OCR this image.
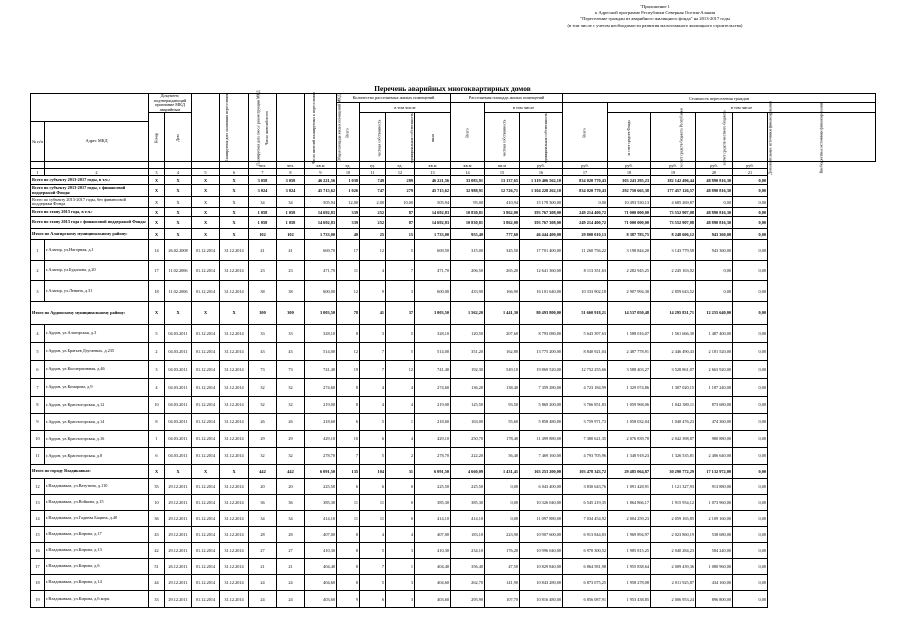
"Приложение 1
к Адресной программе Республики Северная Осетия-Алания
"Переселение граждан из аварийного жилищного фонда" на 2013-2017 годы
(в том числе с учетом необходимости развития малоэтажного жилищного строительства)
Перечень аварийных многоквартирных домов
		Документ, подтверждающий признание МКД аварийным		Планируемая дата окончания переселения	Планируемая дата сноса/ реконструкции МКД	Число жителей всего	Число жителей планируемых к переселению	Общая площадь жилых помещений МКД	Количество расселяемых жилых помещений				Расселяемая площадь жилых помещений			Стоимость переселения граждан					
									Всего	в том числе			Всего	в том числе		Всего	в том числе				
		Номер	Дата							частная собственность	муниципальная собственность	иная		частная собственность	муниципальная собственность		за счет средств Фонда	за счет средств бюджета Республики	за счет средств местного бюджета	Дополнительные источники финансирования	Внебюджетные источники финансирования
№ п/п	Адрес МКД																				
						чел.	чел.	кв.м	ед.	ед.	ед.	кв.м	кв.м	кв.м	руб.	руб.	руб.	руб.	руб.	руб.	
1	2	3	4	5	6	7	8	9	10	11	12	13	14	15	16	17	18	19	20	21	
Всего по субъекту 2013-2017 годы, в т.ч.:		X	X	X	X	3 058	3 058	46 221,56	1 038	749	289	46 221,56	33 083,91	13 137,65	1 319 406 562,10	834 020 770,43	303 243 295,23	182 142 496,44	48 890 816,30	0,00	
Всего по субъекту 2013-2017 годы, с финансовой поддержкой Фонда:		X	X	X	X	3 024	3 024	45 715,62	1 026	747	279	45 715,62	32 988,91	12 726,71	1 304 228 262,10	834 020 770,43	292 750 665,38	177 457 126,57	48 890 816,30	0,00	
Всего по субъекту 2013-2017 годы, без финансовой поддержки Фонда		X	X	X	X	34	34	505,94	12,00	2,00	10,00	505,94	95,00	410,94	15 178 300,00	0,00	10 493 530,13	4 685 269,87	0,00	0,00	
Всего по этапу 2013 года, в т.ч.:		X	X	X	X	1 058	1 058	14 692,83	339	252	87	14 692,83	10 830,81	3 862,00	393 767 308,00	249 214 400,72	71 000 000,00	73 552 907,08	48 890 816,30	0,00	
Всего по этапу 2013 года с финансовой поддержкой Фонда:		X	X	X	X	1 058	1 058	14 692,83	339	252	87	14 692,83	10 830,81	3 862,00	393 767 308,00	249 214 400,72	71 000 000,00	73 552 907,08	48 890 816,30	0,00	
Итого по Алагирскому муниципальному району:		X	X	X	X	102	102	1 733,00	40	25	15	1 733,00	955,40	777,60	46 444 400,00	29 800 010,13	8 387 783,75	8 248 606,12	943 360,00	0,00	
1	г.Алагир, ул.Нагорная, д.1	14	26.02.2008	01.12.2014	31.12.2014	41	41	669,70	17	12	5	669,50	315,00	345,50	17 701 400,00	11 260 756,22	3 198 844,20	3 143 779,58	943 360,00	0,00	
2	г.Алагир, ул.Будилова, д.20	17	11.02.2006	01.12.2014	31.12.2014	23	23	471,70	11	4	7	471,70	206,50	265,20	12 641 360,00	8 113 351,63	2 282 945,25	2 245 163,02	0,00	0,00	
3	г.Алагир, ул.Ленина, д.31	18	11.02.2006	01.12.2014	31.12.2014	38	38	600,00	12	9	3	600,00	433,90	166,90	16 101 640,00	10 333 902,18	2 907 994,30	2 859 643,52	0,00	0,00	
Итого по Ардонскому муниципальному району:		X	X	X	X	300	300	3 003,50	78	41	37	3 003,50	1 562,20	1 441,30	80 493 800,00	51 660 918,21	14 537 050,48	14 295 831,71	12 255 640,00	0,00	
4	г.Ардон, ул.Алагирская, д.3	5	04.03.2011	01.12.2014	31.12.2014	33	33	328,10	8	3	5	328,10	120,50	207,60	8 793 080,00	5 643 397,63	1 588 016,07	1 561 666,30	1 487 400,00	0,00	
5	г.Ардон, ул.Братьев Дзугаевых, д.235	2	04.03.2011	01.12.2014	31.12.2014	43	43	514,00	12	7	5	514,00	351,20	162,80	13 775 200,00	8 840 921,04	2 487 778,91	2 446 490,43	2 181 520,00	0,00	
6	г.Ардон, ул.Кооперативная, д.46	3	04.03.2011	01.12.2014	31.12.2014	73	73	741,40	19	7	12	741,40	192,30	549,10	19 869 520,00	12 752 255,66	3 588 403,27	3 528 861,07	2 663 920,00	0,00	
7	г.Ардон, ул.Комарова, д.9	4	04.03.2011	01.12.2014	31.12.2014	32	32	274,60	8	4	4	274,60	136,20	138,40	7 359 280,00	4 723 184,99	1 329 074,86	1 307 020,15	1 187 240,00	0,00	
8	г.Ардон, ул.Красногорская, д.12	10	04.03.2011	01.12.2014	31.12.2014	32	32	219,00	8	4	4	219,00	125,50	93,50	5 869 200,00	3 766 851,83	1 059 968,06	1 042 380,11	873 680,00	0,00	
9	г.Ардон, ул.Красногорская, д.14	8	04.03.2011	01.12.2014	31.12.2014	26	26	218,60	6	5	1	218,60	163,00	55,60	5 858 480,00	3 759 971,73	1 058 032,04	1 040 476,23	474 360,00	0,00	
10	г.Ардон, ул.Красногорская, д.16	1	04.03.2011	01.12.2014	31.12.2014	29	29	429,10	10	6	4	429,10	250,70	178,40	11 499 880,00	7 380 621,35	2 076 839,78	2 042 398,87	980 880,00	0,00	
11	г.Ардон, ул.Красногорская, д.8	6	04.03.2011	01.12.2014	31.12.2014	32	32	278,70	7	5	2	278,70	222,20	56,40	7 469 160,00	4 793 705,96	1 348 918,23	1 326 535,81	2 406 640,00	0,00	
Итого по городу Владикавказ:		X	X	X	X	442	442	6 091,50	135	104	31	6 091,50	4 660,09	1 431,41	163 253 200,00	103 478 343,72	29 485 064,87	30 290 772,29	17 132 972,00	0,00	
12	г.Владикавказ, ул.Ватутина, д.110	35	29.12.2011	01.12.2014	31.12.2014	20	20	225,50	6	6	0	225,50	225,50	0,00	6 043 400,00	3 830 643,76	1 091 428,91	1 121 327,93	913 880,00	0,00	
13	г.Владикавказ, ул.Войкова, д.15	10	29.12.2011	01.12.2014	31.12.2014	36	36	385,30	11	11	0	385,30	385,30	0,00	10 326 040,00	6 545 219,35	1 864 866,17	1 915 954,12	1 073 960,00	0,00	
14	г.Владикавказ, ул.Гадиева Бацина, д.40	36	29.12.2011	01.12.2014	31.12.2014	34	34	414,10	11	11	0	414,10	414,10	0,00	11 097 880,00	7 034 454,92	2 004 259,23	2 059 165,85	2 109 160,00	0,00	
15	г.Владикавказ, ул.Кирова, д.17	43	29.12.2011	01.12.2014	31.12.2014	28	28	407,00	8	4	4	407,00	183,10	223,90	10 907 600,00	6 913 844,83	1 969 894,97	2 023 860,19	538 680,00	0,00	
16	г.Владикавказ, ул.Кирова, д.13	42	29.12.2011	01.12.2014	31.12.2014	27	27	410,30	8	5	3	410,30	234,10	176,20	10 996 040,00	6 970 300,52	1 985 815,25	2 040 284,23	584 240,00	0,00	
17	г.Владикавказ, ул.Кирова, д.6	51	26.12.2011	01.12.2014	31.12.2014	21	21	404,40	8	7	1	404,40	356,40	47,50	10 829 840,00	6 864 581,98	1 955 838,64	2 009 439,36	1 080 960,00	0,00	
18	г.Владикавказ, ул.Кирова, д.14	44	29.12.2011	01.12.2014	31.12.2014	24	24	404,60	8	5	3	404,60	262,70	141,90	10 843 280,00	6 873 075,25	1 958 278,08	2 011 925,87	434 160,00	0,00	
19	г.Владикавказ, ул.Кирова, д.6 корп.	33	29.12.2011	01.12.2014	31.12.2014	24	24	403,60	9	6	3	403,60	295,90	107,70	10 816 480,00	6 856 087,91	1 953 438,85	2 006 953,24	896 800,00	0,00	
